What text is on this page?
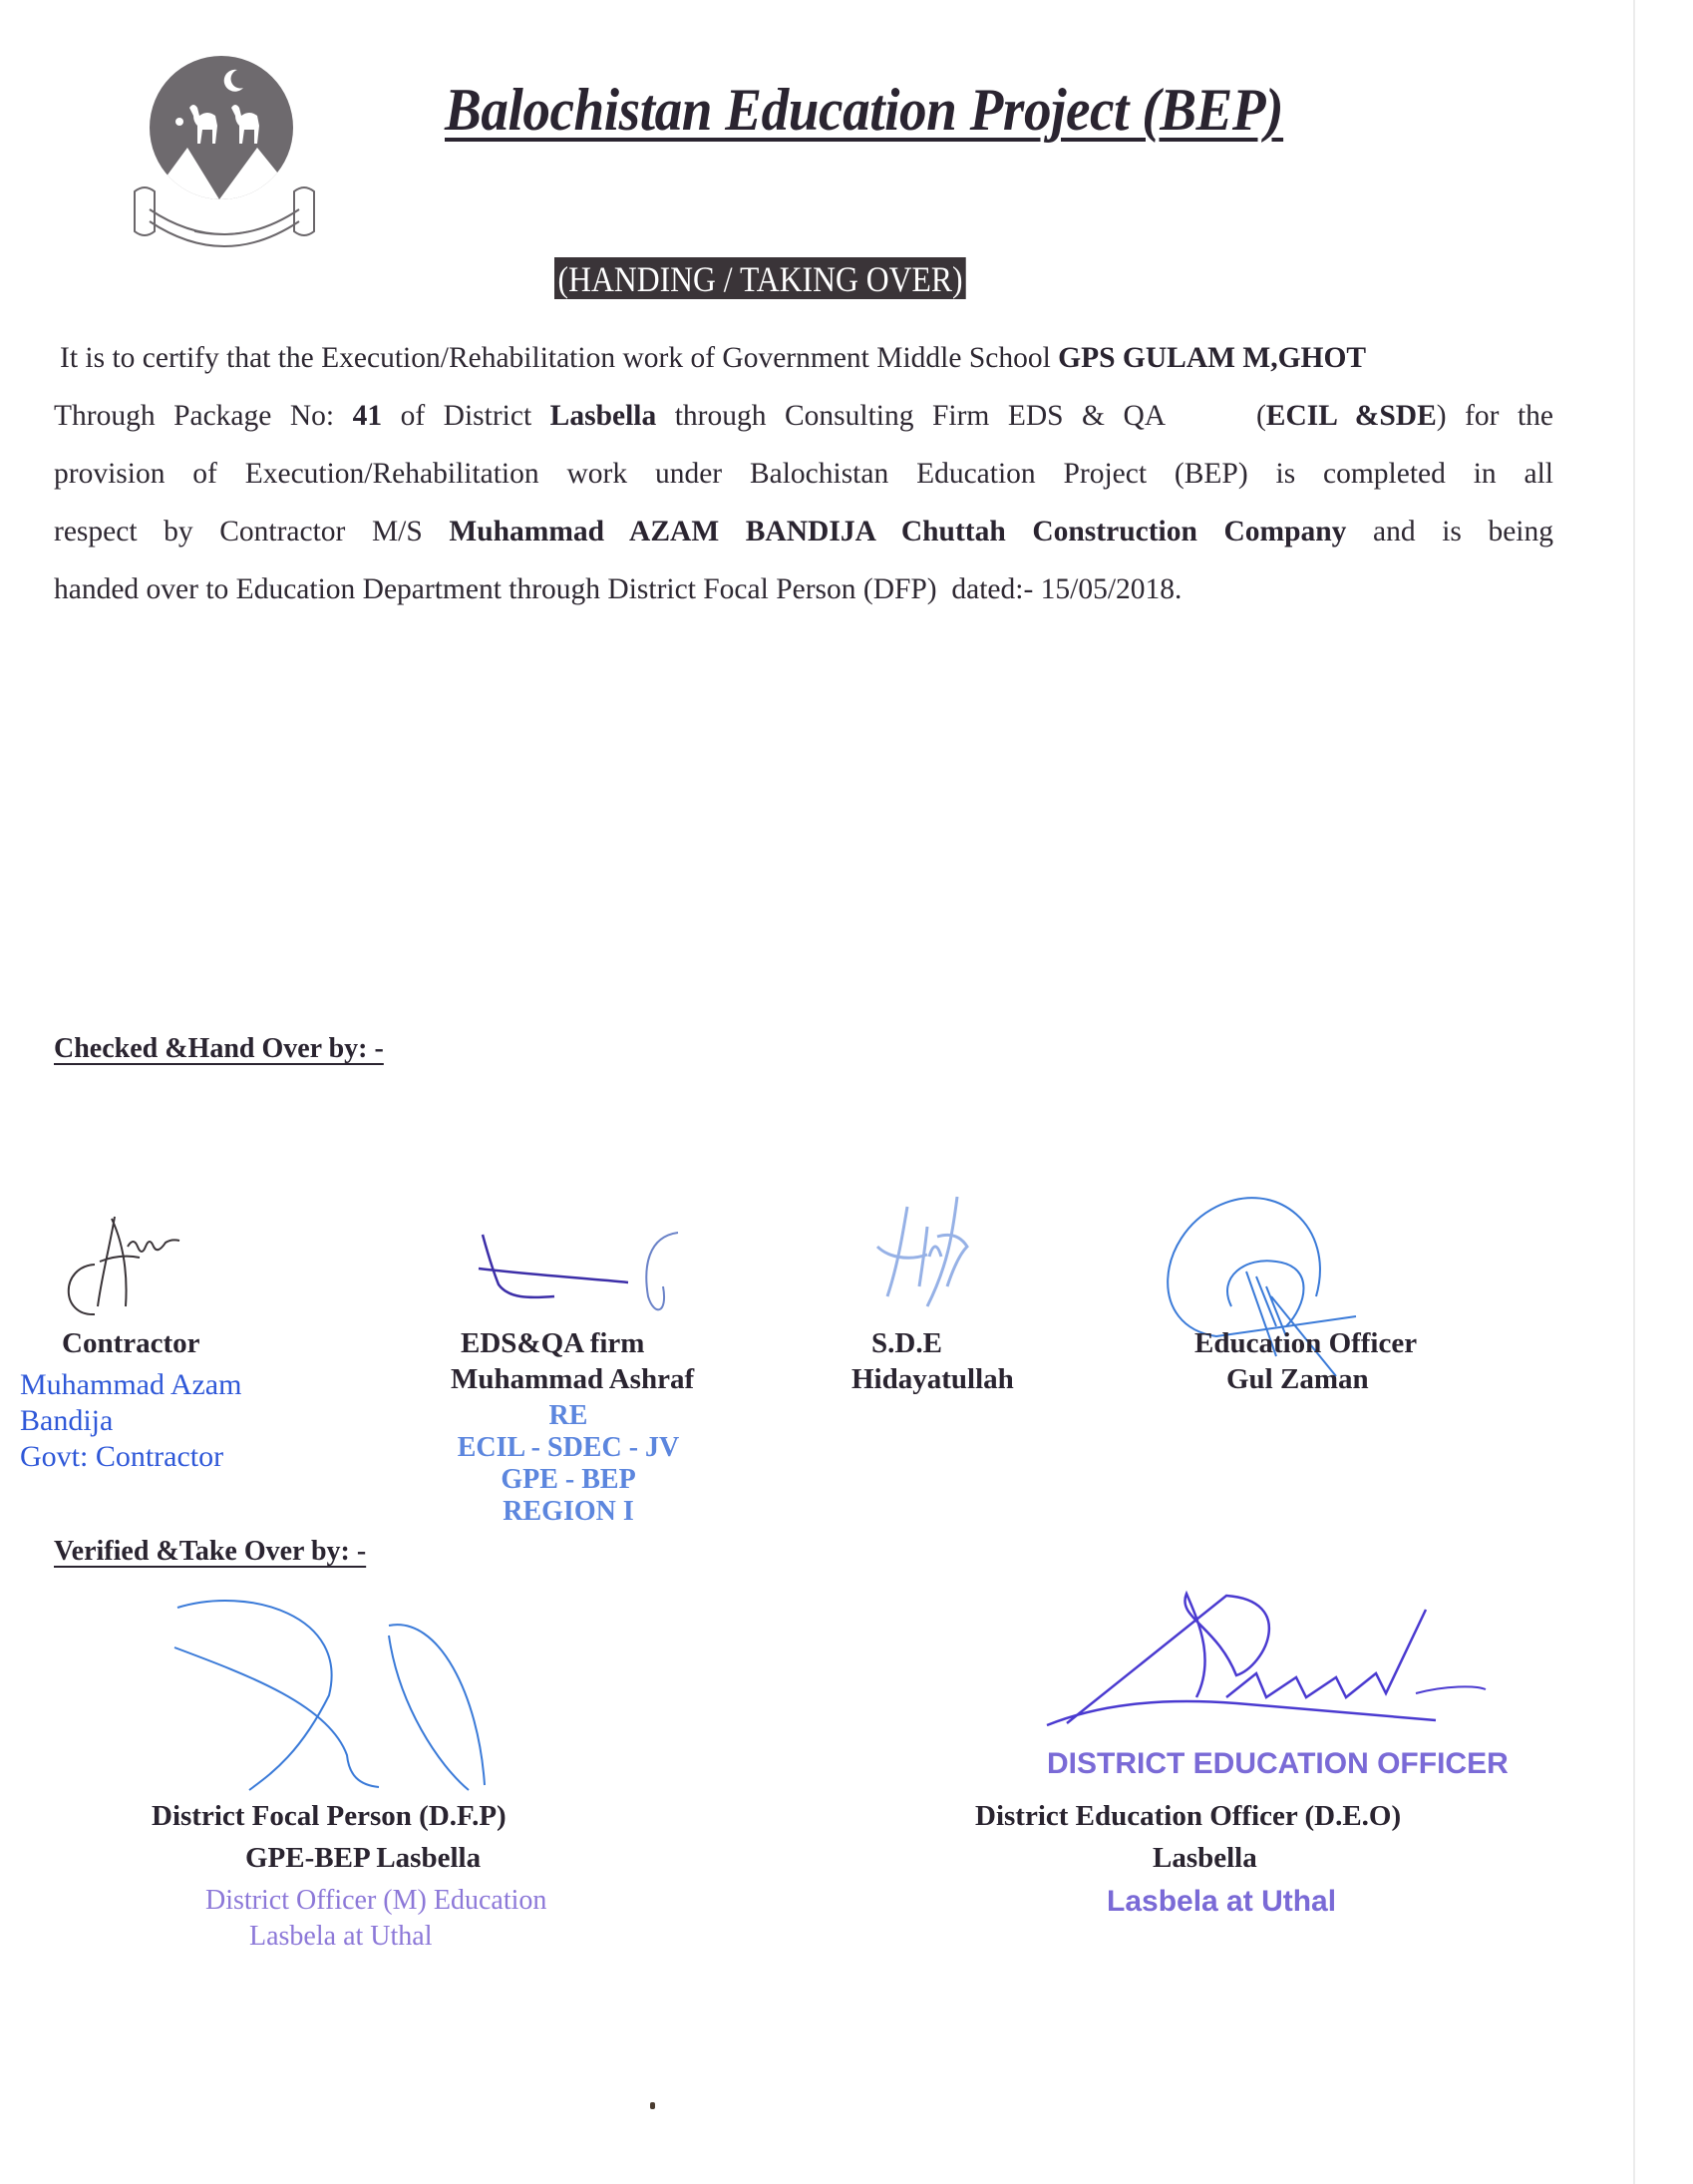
Balochistan Education Project (BEP)
(HANDING / TAKING OVER)
It is to certify that the Execution/Rehabilitation work of Government Middle School GPS GULAM M,GHOT
Through Package No: 41 of District Lasbella through Consulting Firm EDS & QA     (ECIL &SDE) for the
provision of Execution/Rehabilitation work under Balochistan Education Project (BEP) is completed in all
respect by Contractor M/S Muhammad AZAM BANDIJA Chuttah Construction Company and is being
handed over to Education Department through District Focal Person (DFP)  dated:- 15/05/2018.
Checked &Hand Over by: -
Contractor
Muhammad Azam
Bandija
Govt: Contractor
EDS&QA firm
Muhammad Ashraf
RE
ECIL - SDEC - JV
GPE - BEP
REGION I
S.D.E
Hidayatullah
Education Officer
Gul Zaman
Verified &Take Over by: -
District Focal Person (D.F.P)
GPE-BEP Lasbella
District Officer (M) Education
Lasbela at Uthal
DISTRICT EDUCATION OFFICER
District Education Officer (D.E.O)
Lasbella
Lasbela at Uthal
